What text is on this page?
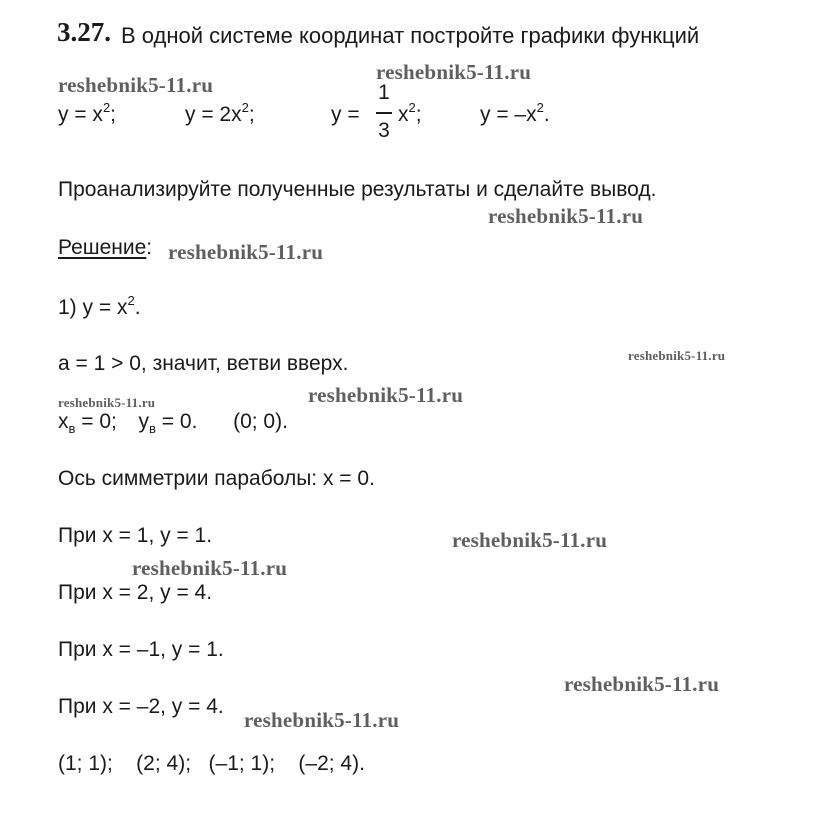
3.27. В одной системе координат постройте графики функций
$y = x^2$;	$y = 2x^2$;	y =
1
3
$x^2$;	$y = -x^2$.
Проанализируйте полученные результаты и сделайте вывод.
Решение:
1) $y = x^2$.
a = 1 > 0, значит, ветви вверх.
$x_в = 0$; $y_в = 0$. (0; 0).
Ось симметрии параболы: x = 0.
При x = 1, y = 1.
При x = 2, y = 4.
При x = –1, y = 1.
При x = –2, y = 4.
(1; 1);    (2; 4);   (–1; 1);    (–2; 4).
reshebnik5-11.ru
reshebnik5-11.ru
reshebnik5-11.ru
reshebnik5-11.ru
reshebnik5-11.ru
reshebnik5-11.ru
reshebnik5-11.ru
reshebnik5-11.ru
reshebnik5-11.ru
reshebnik5-11.ru
reshebnik5-11.ru
